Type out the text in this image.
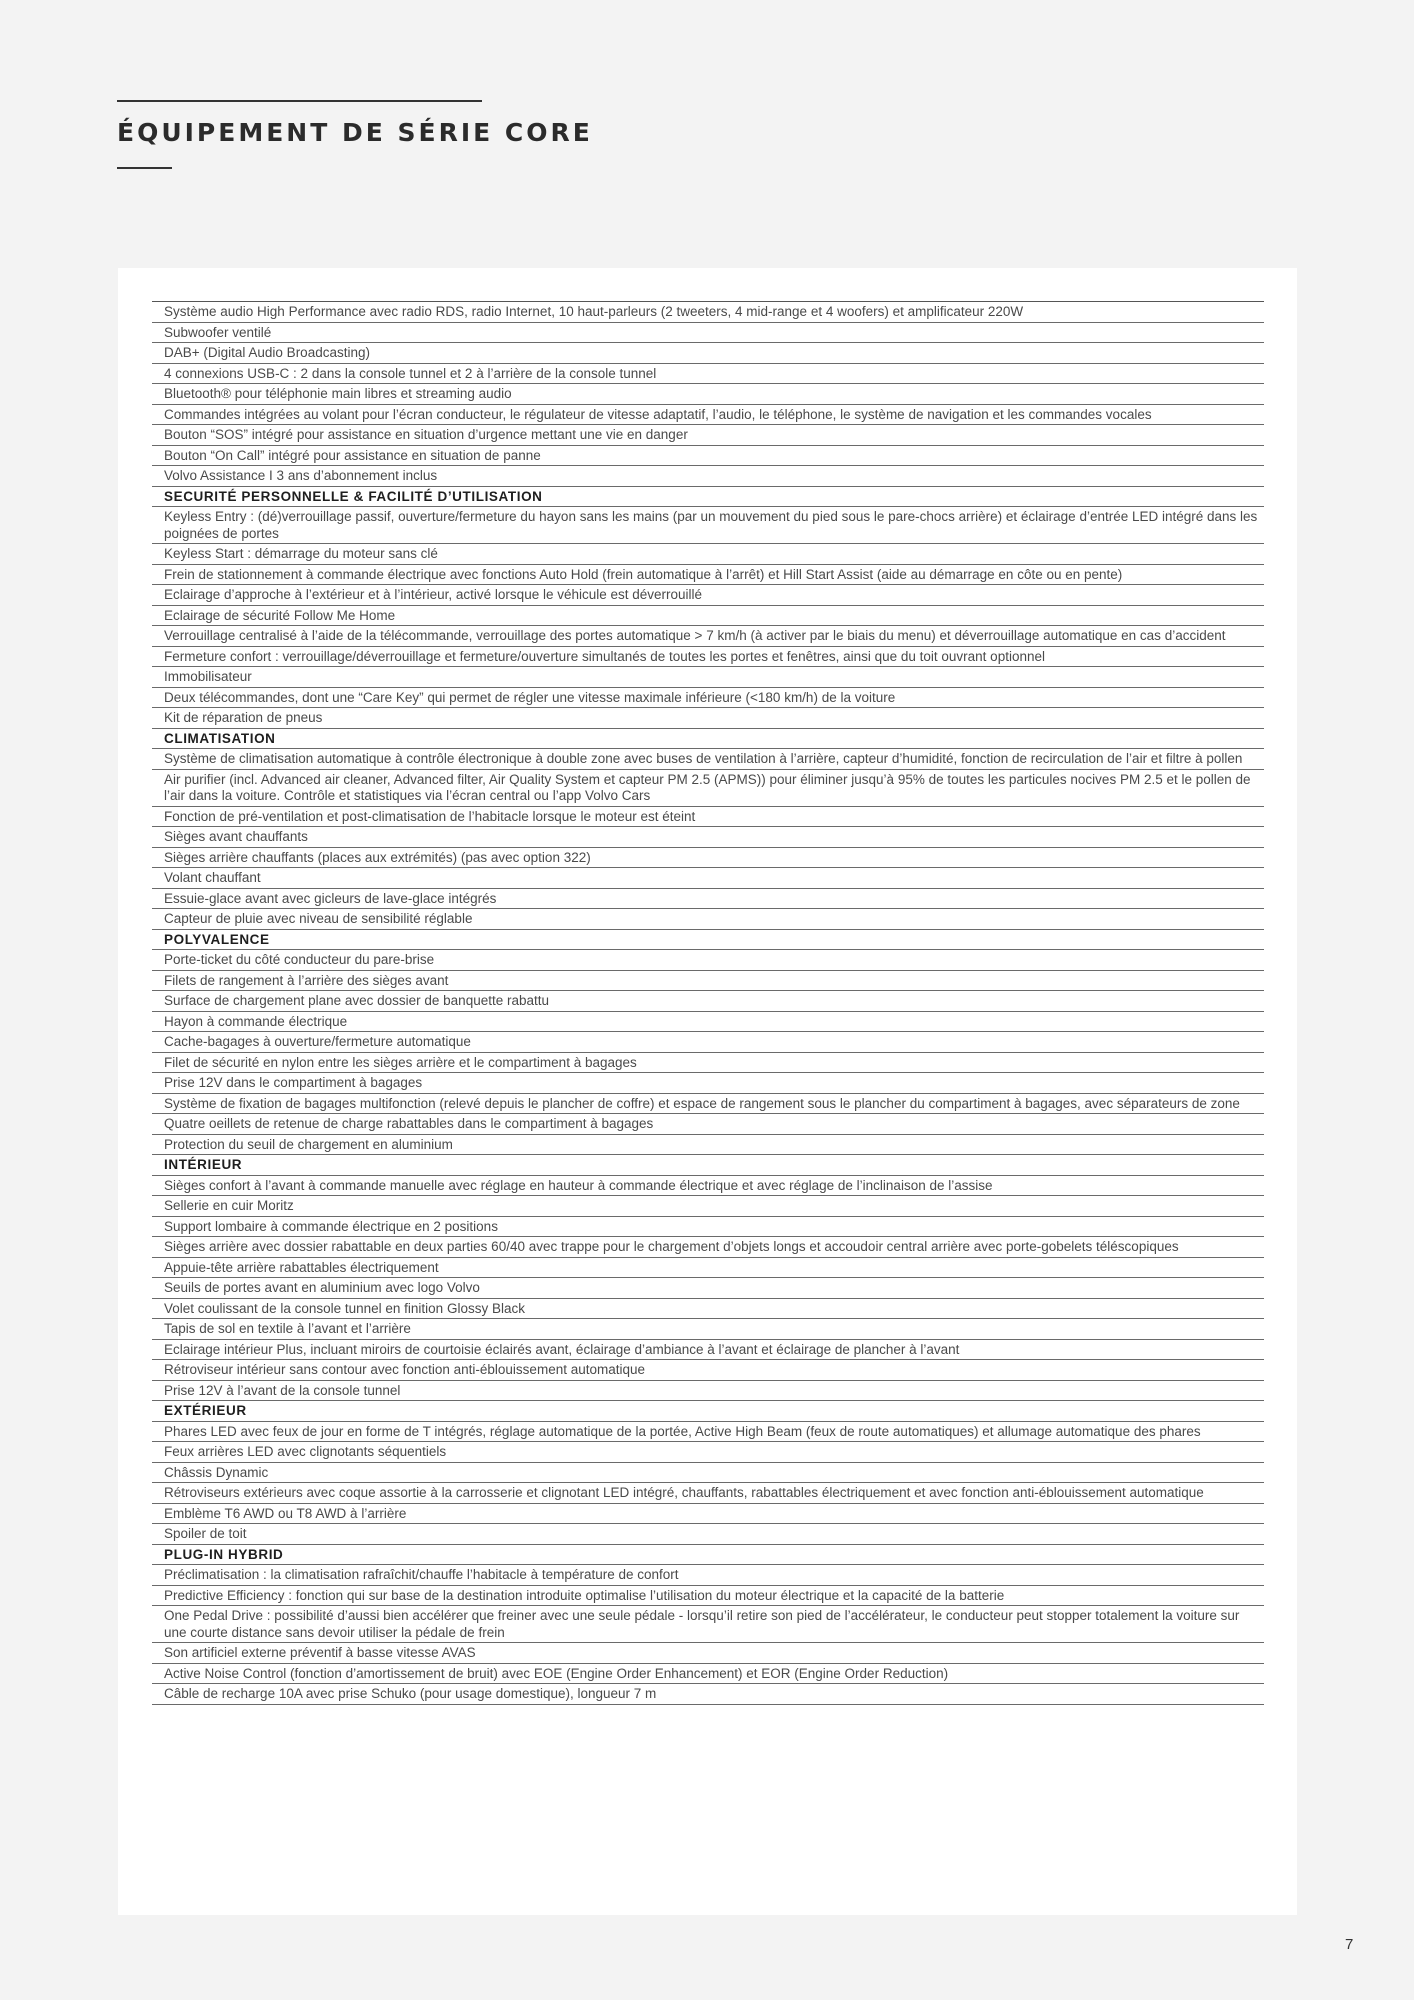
ÉQUIPEMENT DE SÉRIE CORE
Système audio High Performance avec radio RDS, radio Internet, 10 haut-parleurs (2 tweeters, 4 mid-range et 4 woofers) et amplificateur 220W
Subwoofer ventilé
DAB+ (Digital Audio Broadcasting)
4 connexions USB-C : 2 dans la console tunnel et 2 à l’arrière de la console tunnel
Bluetooth® pour téléphonie main libres et streaming audio
Commandes intégrées au volant pour l’écran conducteur, le régulateur de vitesse adaptatif, l’audio, le téléphone, le système de navigation et les commandes vocales
Bouton “SOS” intégré pour assistance en situation d’urgence mettant une vie en danger
Bouton “On Call” intégré pour assistance en situation de panne
Volvo Assistance I 3 ans d’abonnement inclus
SECURITÉ PERSONNELLE & FACILITÉ D’UTILISATION
Keyless Entry : (dé)verrouillage passif, ouverture/fermeture du hayon sans les mains (par un mouvement du pied sous le pare-chocs arrière) et éclairage d’entrée LED intégré dans les poignées de portes
Keyless Start : démarrage du moteur sans clé
Frein de stationnement à commande électrique avec fonctions Auto Hold (frein automatique à l’arrêt) et Hill Start Assist (aide au démarrage en côte ou en pente)
Eclairage d’approche à l’extérieur et à l’intérieur, activé lorsque le véhicule est déverrouillé
Eclairage de sécurité Follow Me Home
Verrouillage centralisé à l’aide de la télécommande, verrouillage des portes automatique > 7 km/h (à activer par le biais du menu) et déverrouillage automatique en cas d’accident
Fermeture confort : verrouillage/déverrouillage et fermeture/ouverture simultanés de toutes les portes et fenêtres, ainsi que du toit ouvrant optionnel
Immobilisateur
Deux télécommandes, dont une “Care Key” qui permet de régler une vitesse maximale inférieure (<180 km/h) de la voiture
Kit de réparation de pneus
CLIMATISATION
Système de climatisation automatique à contrôle électronique à double zone avec buses de ventilation à l’arrière, capteur d’humidité, fonction de recirculation de l’air et filtre à pollen
Air purifier (incl. Advanced air cleaner, Advanced filter, Air Quality System et capteur PM 2.5 (APMS)) pour éliminer jusqu’à 95% de toutes les particules nocives PM 2.5 et le pollen de l’air dans la voiture. Contrôle et statistiques via l’écran central ou l’app Volvo Cars
Fonction de pré-ventilation et post-climatisation de l’habitacle lorsque le moteur est éteint
Sièges avant chauffants
Sièges arrière chauffants (places aux extrémités) (pas avec option 322)
Volant chauffant
Essuie-glace avant avec gicleurs de lave-glace intégrés
Capteur de pluie avec niveau de sensibilité réglable
POLYVALENCE
Porte-ticket du côté conducteur du pare-brise
Filets de rangement à l’arrière des sièges avant
Surface de chargement plane avec dossier de banquette rabattu
Hayon à commande électrique
Cache-bagages à ouverture/fermeture automatique
Filet de sécurité en nylon entre les sièges arrière et le compartiment à bagages
Prise 12V dans le compartiment à bagages
Système de fixation de bagages multifonction (relevé depuis le plancher de coffre) et espace de rangement sous le plancher du compartiment à bagages, avec séparateurs de zone
Quatre oeillets de retenue de charge rabattables dans le compartiment à bagages
Protection du seuil de chargement en aluminium
INTÉRIEUR
Sièges confort à l’avant à commande manuelle avec réglage en hauteur à commande électrique et avec réglage de l’inclinaison de l’assise
Sellerie en cuir Moritz
Support lombaire à commande électrique en 2 positions
Sièges arrière avec dossier rabattable en deux parties 60/40 avec trappe pour le chargement d’objets longs et accoudoir central arrière avec porte-gobelets téléscopiques
Appuie-tête arrière rabattables électriquement
Seuils de portes avant en aluminium avec logo Volvo
Volet coulissant de la console tunnel en finition Glossy Black
Tapis de sol en textile à l’avant et l’arrière
Eclairage intérieur Plus, incluant miroirs de courtoisie éclairés avant, éclairage d’ambiance à l’avant et éclairage de plancher à l’avant
Rétroviseur intérieur sans contour avec fonction anti-éblouissement automatique
Prise 12V à l’avant de la console tunnel
EXTÉRIEUR
Phares LED avec feux de jour en forme de T intégrés, réglage automatique de la portée, Active High Beam (feux de route automatiques) et allumage automatique des phares
Feux arrières LED avec clignotants séquentiels
Châssis Dynamic
Rétroviseurs extérieurs avec coque assortie à la carrosserie et clignotant LED intégré, chauffants, rabattables électriquement et avec fonction anti-éblouissement automatique
Emblème T6 AWD ou T8 AWD à l’arrière
Spoiler de toit
PLUG-IN HYBRID
Préclimatisation : la climatisation rafraîchit/chauffe l’habitacle à température de confort
Predictive Efficiency : fonction qui sur base de la destination introduite optimalise l’utilisation du moteur électrique et la capacité de la batterie
One Pedal Drive : possibilité d’aussi bien accélérer que freiner avec une seule pédale - lorsqu’il retire son pied de l’accélérateur, le conducteur peut stopper totalement la voiture sur une courte distance sans devoir utiliser la pédale de frein
Son artificiel externe préventif à basse vitesse AVAS
Active Noise Control (fonction d’amortissement de bruit) avec EOE (Engine Order Enhancement) et EOR (Engine Order Reduction)
Câble de recharge 10A avec prise Schuko (pour usage domestique), longueur 7 m
7
